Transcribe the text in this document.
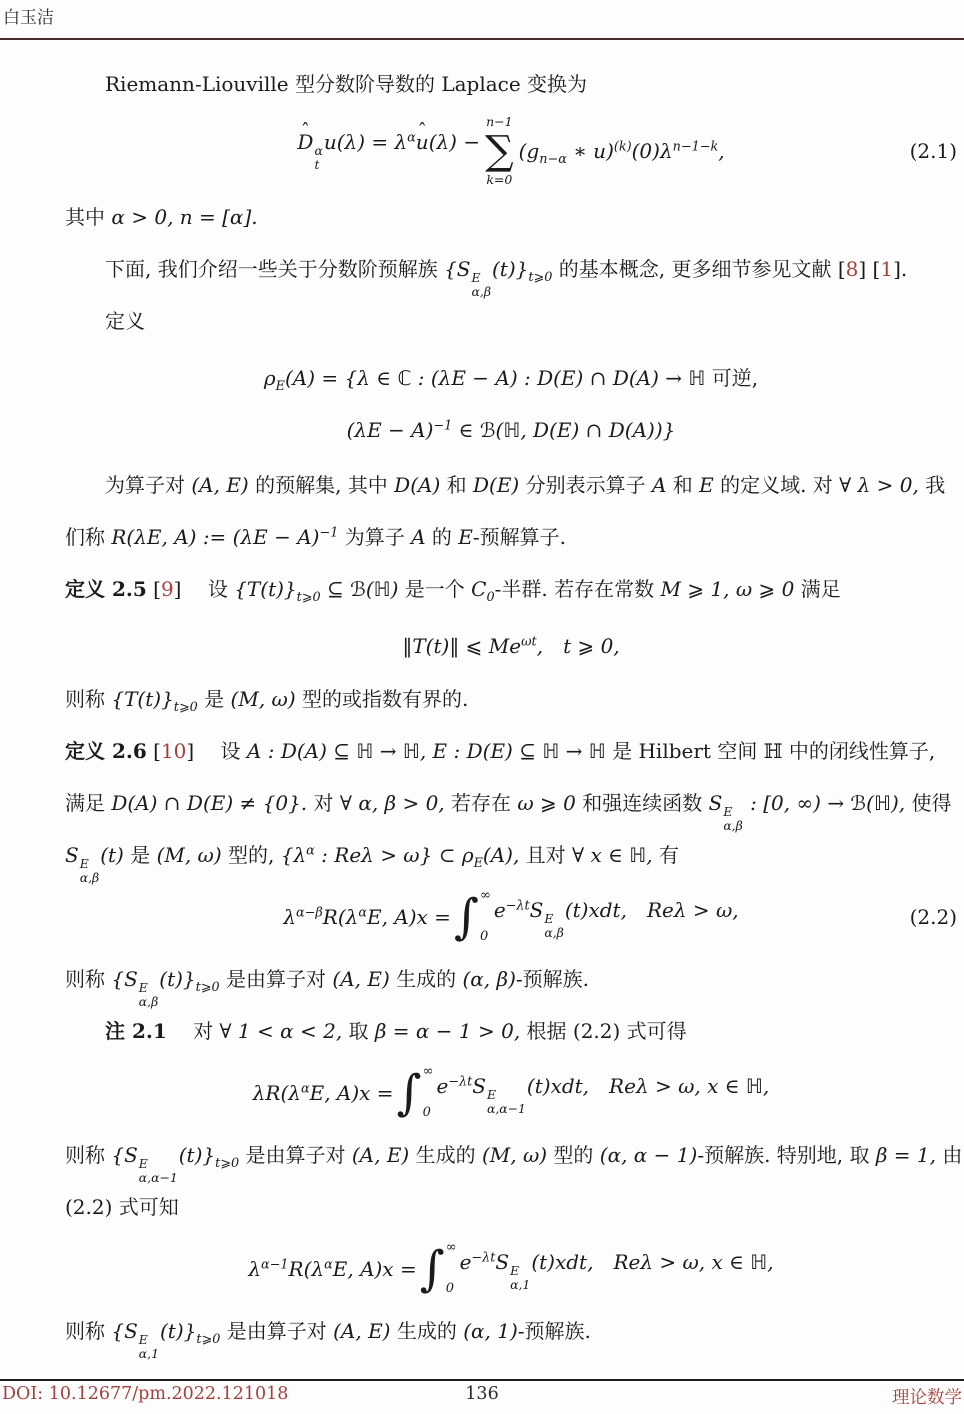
白玉洁
Riemann-Liouville 型分数阶导数的 Laplace 变换为
D ˆ α
t
$u(\lambda) = \lambda^\alpha u$ ˆ(λ) −
n−1
∑
k=0
($g_{n-\alpha}$ ∗ $u)^{(k)}(0)\lambda^{n-1-k}$,	(2.1)
其中 α > 0, n = [α].
下面, 我们介绍一些关于分数阶预解族 {S E
α,β
$(t)\}_{t⩾0}$ 的基本概念, 更多细节参见文献 [8] [1].
定义
$\rho_E(A) = \{\lambda$ ∈ ℂ : (λE − A) : D(E) ∩ D(A) → ℍ 可逆,
$(\lambda E - A)^{-1}$ ∈ ℬ(ℍ, D(E) ∩ D(A))}
为算子对 (A, E) 的预解集, 其中 D(A) 和 D(E) 分别表示算子 A 和 E 的定义域. 对 ∀ λ > 0, 我
们称 R(λE, A) := $(\lambda E - A)^{-1}$ 为算子 A 的 E-预解算子.
定义 2.5 [9]　 设 $\{T(t)\}_{t⩾0}$ ⊆ ℬ(ℍ) 是一个 $C_0-$半群. 若存在常数 M ⩾ 1, ω ⩾ 0 满足
‖T(t)‖ ⩽ $Me^{\omega t}$,　 t ⩾ 0,
则称 $\{T(t)\}_{t⩾0}$ 是 (M, ω) 型的或指数有界的.
定义 2.6 [10]　 设 A : D(A) ⊆ ℍ → ℍ, E : D(E) ⊆ ℍ → ℍ 是 Hilbert 空间 ℍ 中的闭线性算子,
满足 D(A) ∩ D(E) ≠ {0}. 对 ∀ α, β > 0, 若存在 ω ⩾ 0 和强连续函数 S E
α,β
: [0, ∞) → ℬ(ℍ), 使得
S E
α,β
(t) 是 (M, ω) 型的, {$\lambda^\alpha$ : Reλ > ω} ⊂ $\rho_E(A)$, 且对 ∀ x ∈ ℍ, 有
$\lambda^{\alpha-\beta}R(\lambda^\alpha E$, A)x = ∫ ∞
0
$e^{-\lambda t}S$ E
α,β
(t)xdt,　 Reλ > ω,	(2.2)
则称 {S E
α,β
$(t)\}_{t⩾0}$ 是由算子对 (A, E) 生成的 (α, β)-预解族.
注 2.1　 对 ∀ 1 < α < 2, 取 β = α − 1 > 0, 根据 (2.2) 式可得
$\lambda R(\lambda^\alpha E$, A)x = ∫ ∞
0
$e^{-\lambda t}S$ E
α,α−1
(t)xdt,　 Reλ > ω, x ∈ ℍ,
则称 {S E
α,α−1
$(t)\}_{t⩾0}$ 是由算子对 (A, E) 生成的 (M, ω) 型的 (α, α − 1)-预解族. 特别地, 取 β = 1, 由
(2.2) 式可知
$\lambda^{\alpha-1}R(\lambda^\alpha E$, A)x = ∫ ∞
0
$e^{-\lambda t}S$ E
α,1
(t)xdt,　 Reλ > ω, x ∈ ℍ,
则称 {S E
α,1
$(t)\}_{t⩾0}$ 是由算子对 (A, E) 生成的 (α, 1)-预解族.
DOI: 10.12677/pm.2022.121018	136	理论数学
